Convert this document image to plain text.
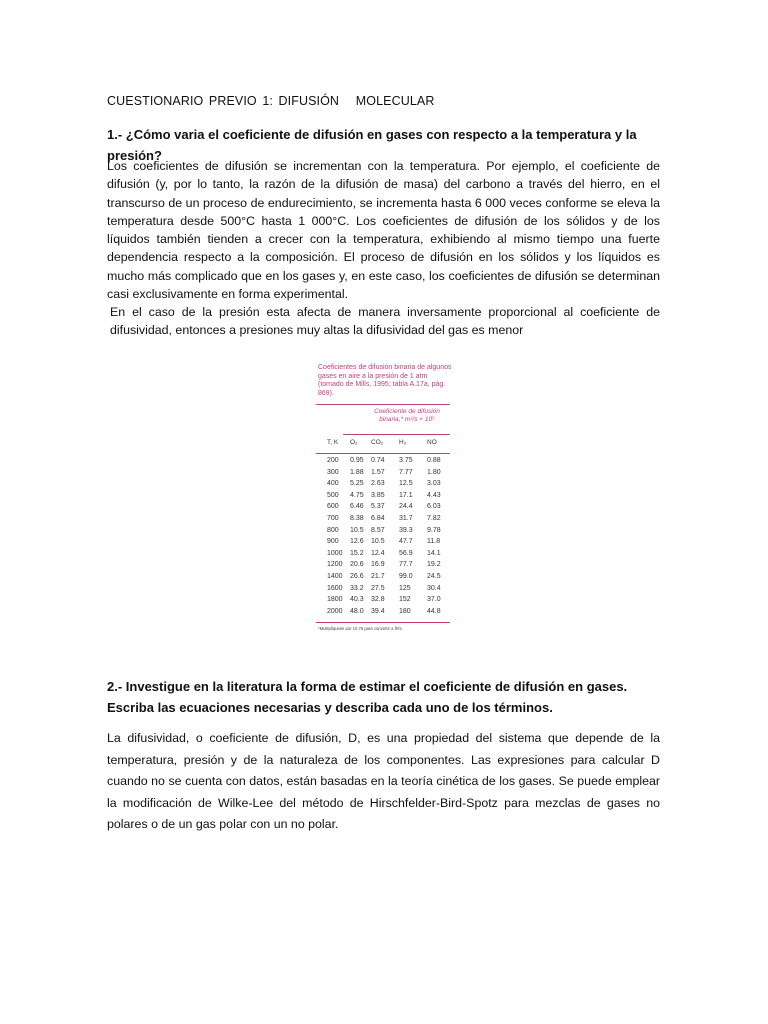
CUESTIONARIO PREVIO 1: DIFUSIÓN   MOLECULAR
1.- ¿Cómo varia el coeficiente de difusión en gases con respecto a la temperatura y la presión?
Los coeficientes de difusión se incrementan con la temperatura. Por ejemplo, el coeficiente de difusión (y, por lo tanto, la razón de la difusión de masa) del carbono a través del hierro, en el transcurso de un proceso de endurecimiento, se incrementa hasta 6 000 veces conforme se eleva la temperatura desde 500°C hasta 1 000°C. Los coeficientes de difusión de los sólidos y de los líquidos también tienden a crecer con la temperatura, exhibiendo al mismo tiempo una fuerte dependencia respecto a la composición. El proceso de difusión en los sólidos y los líquidos es mucho más complicado que en los gases y, en este caso, los coeficientes de difusión se determinan casi exclusivamente en forma experimental.
En el caso de la presión esta afecta de manera inversamente proporcional al coeficiente de difusividad, entonces a presiones muy altas la difusividad del gas es menor
Coeficientes de difusión binaria de algunos gases en aire a la presión de 1 atm (tomado de Mills, 1995; tabla A.17a, pág. 869).
Coeficiente de difusión binaria,* m²/s × 10⁵
T, K O₂ CO₂ H₂	NO
200 0.95 0.74 3.75 0.88
300 1.88 1.57 7.77 1.80
400 5.25 2.63 12.5 3.03
500 4.75 3.85 17.1 4.43
600 6.46 5.37 24.4 6.03
700 8.38 6.84 31.7 7.82
800 10.5 8.57 39.3 9.78
900 12.6 10.5 47.7 11.8
1000 15.2 12.4 56.9 14.1
1200 20.6 16.9 77.7 19.2
1400 26.6 21.7 99.0 24.5
1600 33.2 27.5 125 30.4
1800 40.3 32.8 152 37.0
2000 48.0 39.4 180 44.8
*Multiplíquese por 10.76 para convertir a ft²/s.
2.- Investigue en la literatura la forma de estimar el coeficiente de difusión en gases. Escriba las ecuaciones necesarias y describa cada uno de los términos.
La difusividad, o coeficiente de difusión, D, es una propiedad del sistema que depende de la temperatura, presión y de la naturaleza de los componentes. Las expresiones para calcular D cuando no se cuenta con datos, están basadas en la teoría cinética de los gases. Se puede emplear la modificación de Wilke-Lee del método de Hirschfelder-Bird-Spotz para mezclas de gases no polares o de un gas polar con un no polar.
